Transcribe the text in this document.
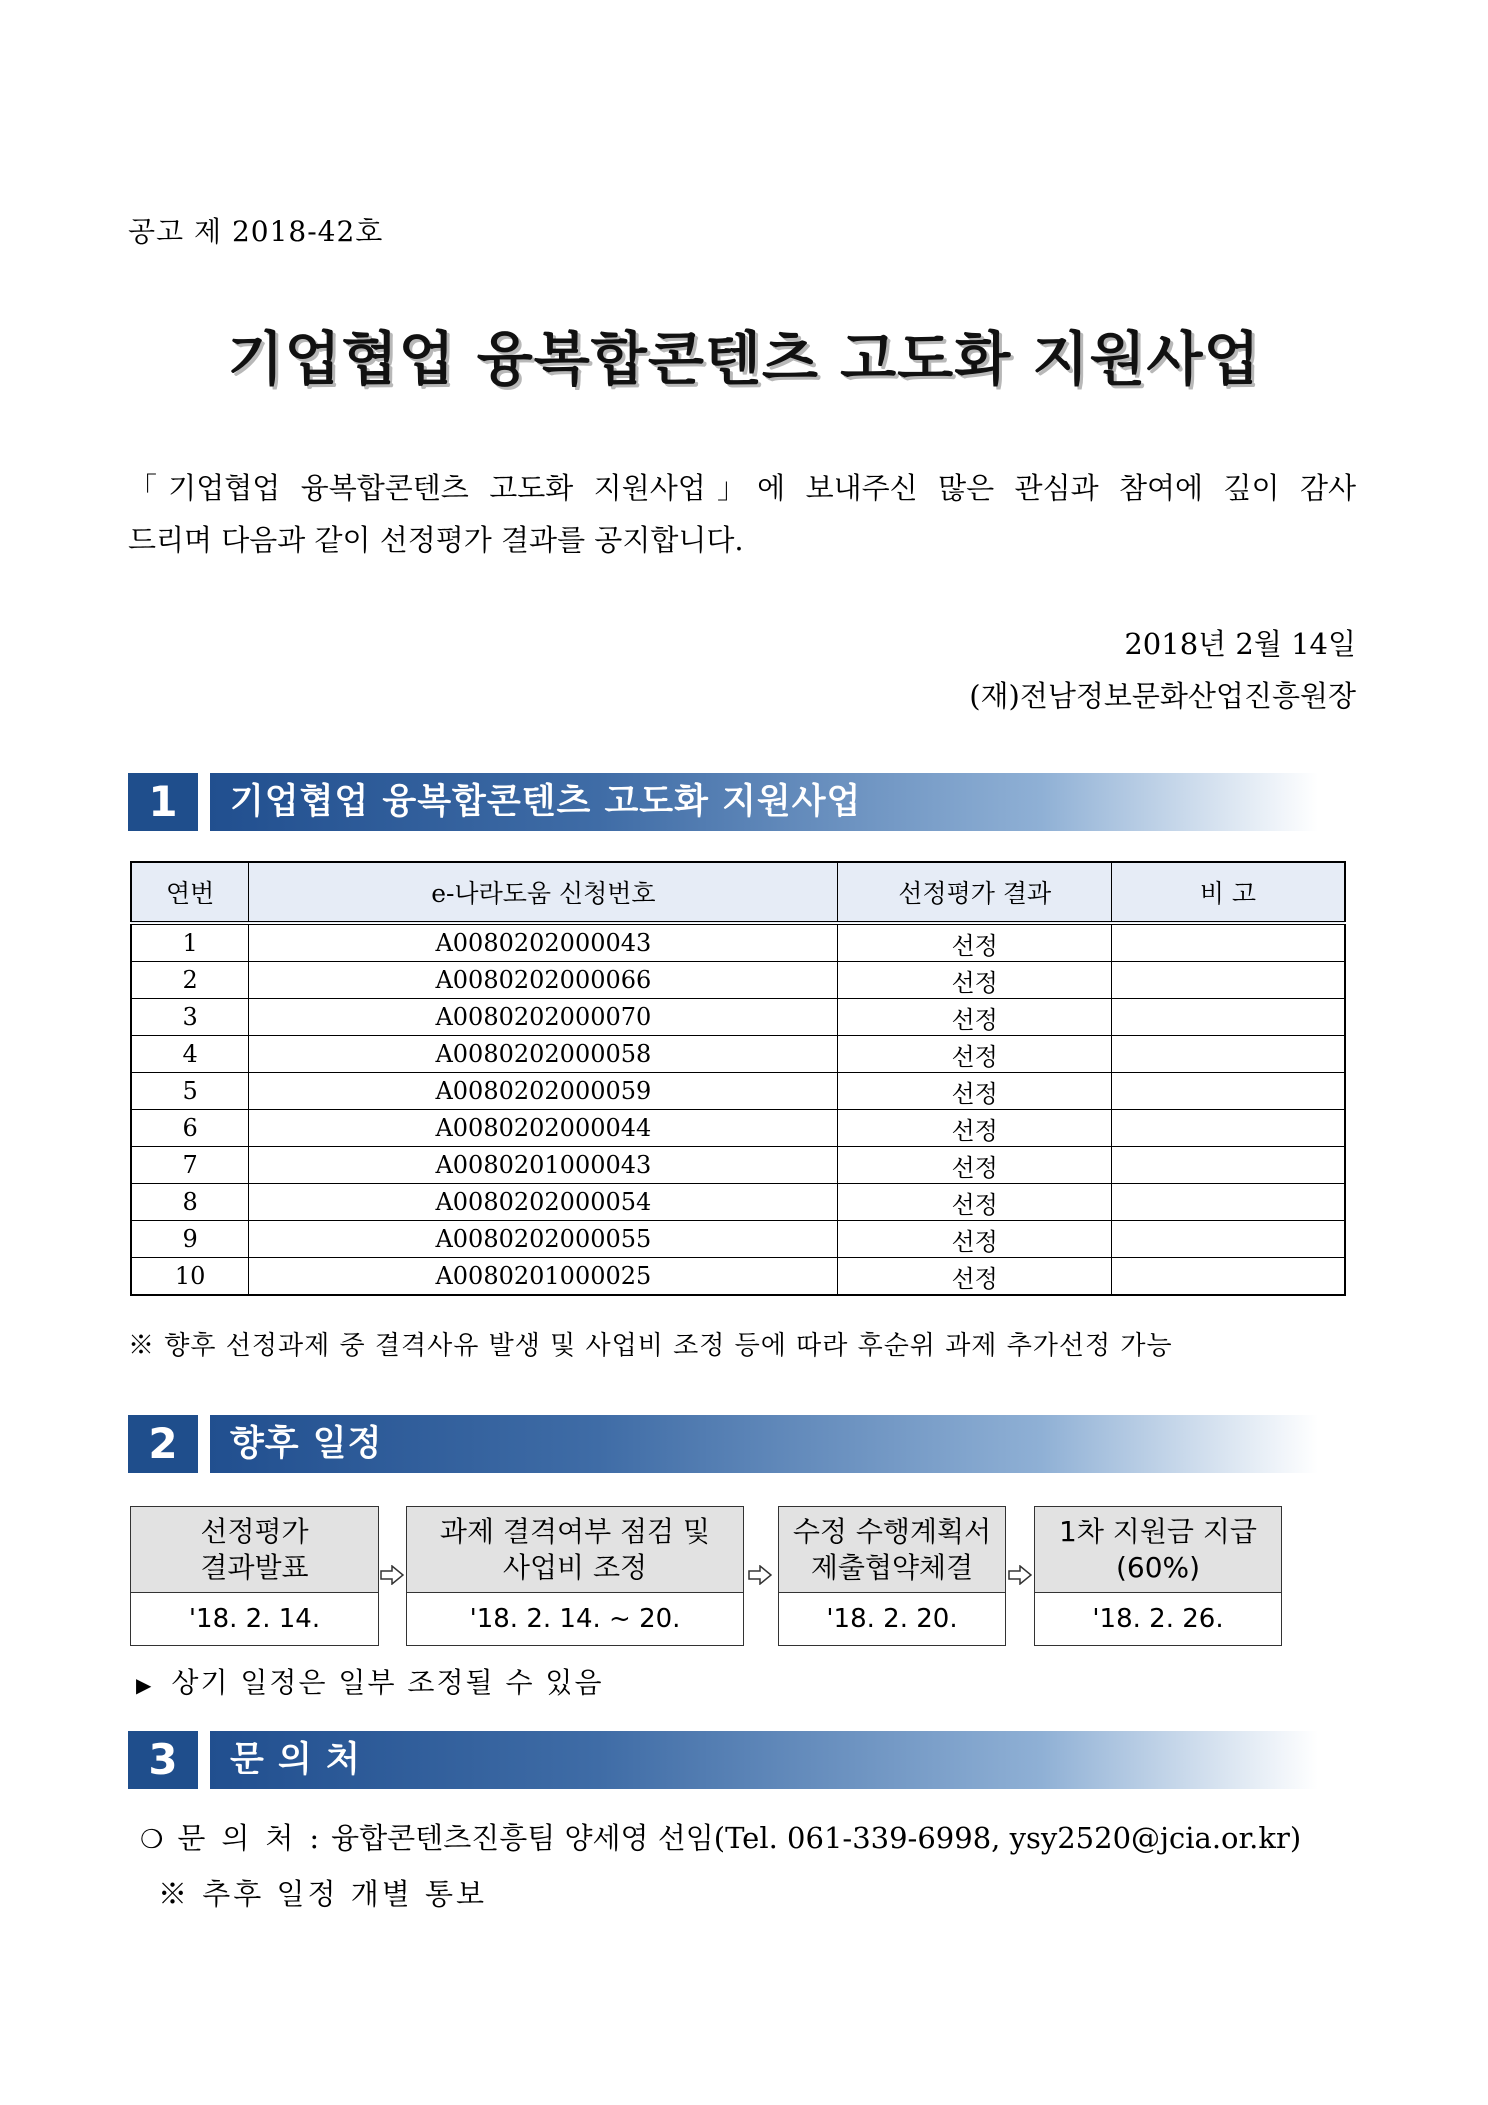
공고 제 2018-42호
기업협업 융복합콘텐츠 고도화 지원사업
「기업협업 융복합콘텐츠 고도화 지원사업」에 보내주신 많은 관심과 참여에 깊이 감사
드리며 다음과 같이 선정평가 결과를 공지합니다.
2018년 2월 14일
(재)전남정보문화산업진흥원장
1	기업협업 융복합콘텐츠 고도화 지원사업
연번	e-나라도움 신청번호	선정평가 결과	비 고
1	A0080202000043	선정	
2	A0080202000066	선정	
3	A0080202000070	선정	
4	A0080202000058	선정	
5	A0080202000059	선정	
6	A0080202000044	선정	
7	A0080201000043	선정	
8	A0080202000054	선정	
9	A0080202000055	선정	
10	A0080201000025	선정	
※ 향후 선정과제 중 결격사유 발생 및 사업비 조정 등에 따라 후순위 과제 추가선정 가능
2	향후 일정
선정평가
결과발표
'18. 2. 14.
과제 결격여부 점검 및
사업비 조정
'18. 2. 14. ~ 20.
수정 수행계획서
제출협약체결
'18. 2. 20.
1차 지원금 지급
(60%)
'18. 2. 26.
▶ 상기 일정은 일부 조정될 수 있음
3	문 의 처
❍ 문의처: 융합콘텐츠진흥팀 양세영 선임(Tel. 061-339-6998, ysy2520@jcia.or.kr)
※ 추후 일정 개별 통보
